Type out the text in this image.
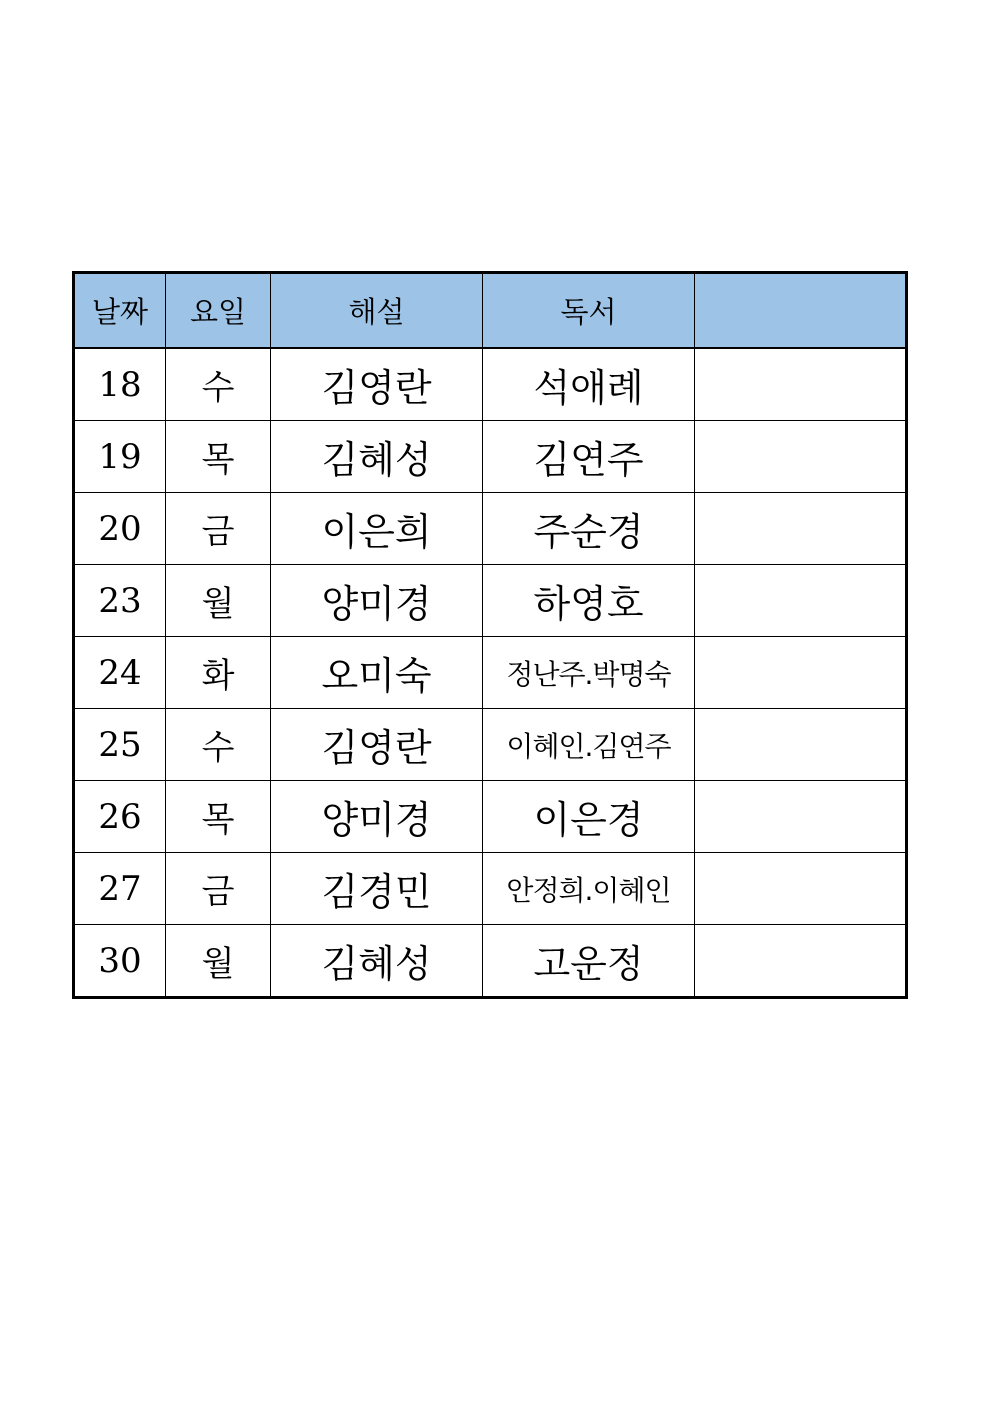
날짜	요일	해설	독서	
18	수	김영란	석애례	
19	목	김혜성	김연주	
20	금	이은희	주순경	
23	월	양미경	하영호	
24	화	오미숙	정난주.박명숙	
25	수	김영란	이혜인.김연주	
26	목	양미경	이은경	
27	금	김경민	안정희.이혜인	
30	월	김혜성	고운정	
